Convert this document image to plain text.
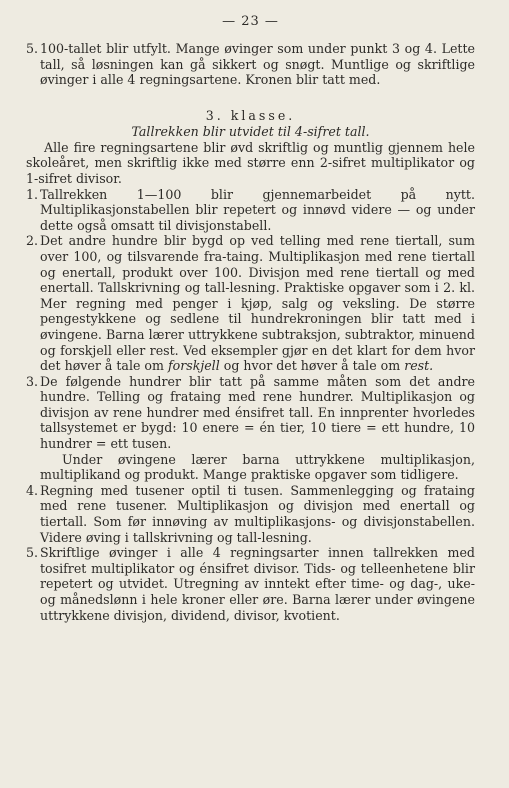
— 23 —
5. 100-tallet blir utfylt. Mange øvinger som under punkt 3 og 4. Lette tall, så løsningen kan gå sikkert og snøgt. Muntlige og skriftlige øvinger i alle 4 regningsartene. Kronen blir tatt med.
3. klasse.
Tallrekken blir utvidet til 4-sifret tall.

Alle fire regningsartene blir øvd skriftlig og muntlig gjennem hele skoleåret, men skriftlig ikke med større enn 2-sifret multiplikator og 1-sifret divisor.

1. Tallrekken 1—100 blir gjennemarbeidet på nytt. Multiplikasjonstabellen blir repetert og innøvd videre — og under dette også omsatt til divisjonstabell.
2. Det andre hundre blir bygd op ved telling med rene tiertall, sum over 100, og tilsvarende fra-taing. Multiplikasjon med rene tiertall og enertall, produkt over 100. Divisjon med rene tiertall og med enertall. Tallskrivning og tall-lesning. Praktiske opgaver som i 2. kl. Mer regning med penger i kjøp, salg og veksling. De større pengestykkene og sedlene til hundrekroningen blir tatt med i øvingene. Barna lærer uttrykkene subtraksjon, subtraktor, minuend og forskjell eller rest. Ved eksempler gjør en det klart for dem hvor det høver å tale om forskjell og hvor det høver å tale om rest.
3. De følgende hundrer blir tatt på samme måten som det andre hundre. Telling og frataing med rene hundrer. Multiplikasjon og divisjon av rene hundrer med énsifret tall. En innprenter hvorledes tallsystemet er bygd: 10 enere = én tier, 10 tiere = ett hundre, 10 hundrer = ett tusen.
Under øvingene lærer barna uttrykkene multiplikasjon, multiplikand og produkt. Mange praktiske opgaver som tidligere.
4. Regning med tusener optil ti tusen. Sammenlegging og frataing med rene tusener. Multiplikasjon og divisjon med enertall og tiertall. Som før innøving av multiplikasjons- og divisjonstabellen. Videre øving i tallskrivning og tall-lesning.
5. Skriftlige øvinger i alle 4 regningsarter innen tallrekken med tosifret multiplikator og énsifret divisor. Tids- og telleenhetene blir repetert og utvidet. Utregning av inntekt efter time- og dag-, uke- og månedslønn i hele kroner eller øre. Barna lærer under øvingene uttrykkene divisjon, dividend, divisor, kvotient.
